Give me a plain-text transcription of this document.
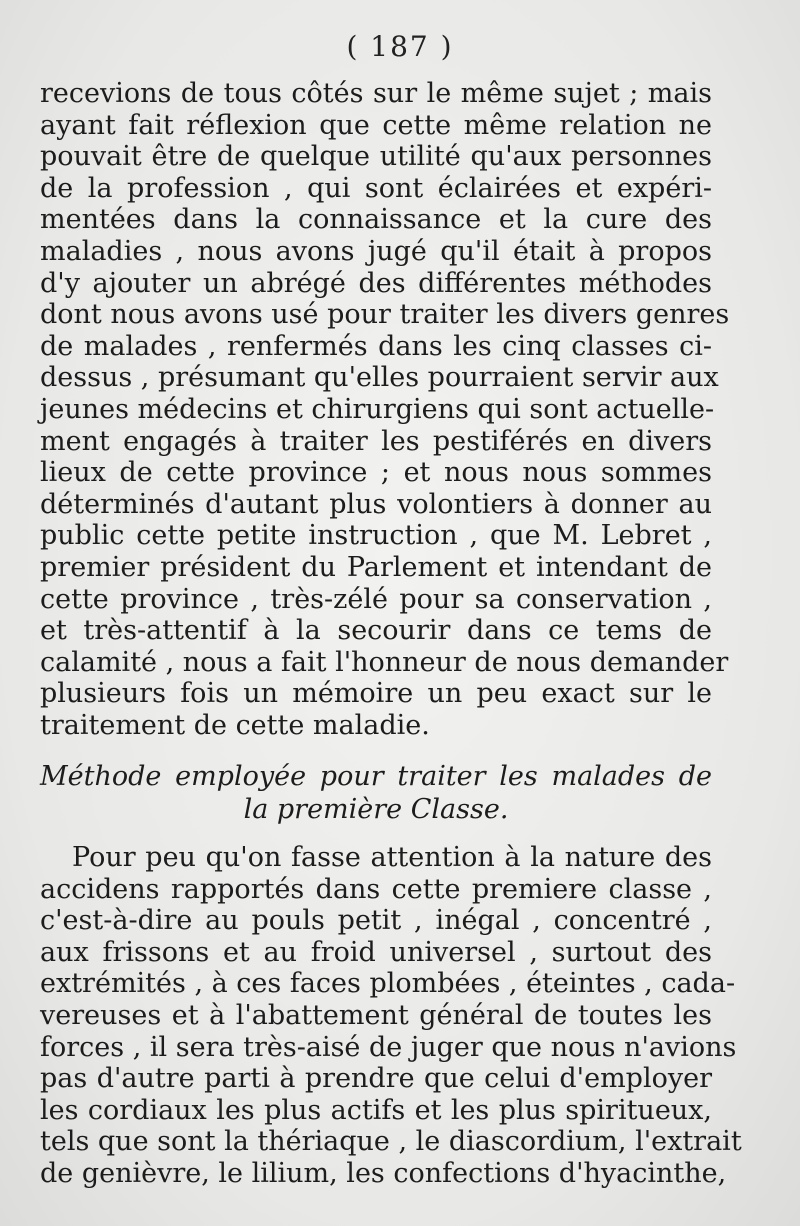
( 187 )
recevions de tous côtés sur le même sujet ; mais
ayant fait réflexion que cette même relation ne
pouvait être de quelque utilité qu'aux personnes
de la profession , qui sont éclairées et expéri-
mentées dans la connaissance et la cure des
maladies , nous avons jugé qu'il était à propos
d'y ajouter un abrégé des différentes méthodes
dont nous avons usé pour traiter les divers genres
de malades , renfermés dans les cinq classes ci-
dessus , présumant qu'elles pourraient servir aux
jeunes médecins et chirurgiens qui sont actuelle-
ment engagés à traiter les pestiférés en divers
lieux de cette province ; et nous nous sommes
déterminés d'autant plus volontiers à donner au
public cette petite instruction , que M. Lebret ,
premier président du Parlement et intendant de
cette province , très-zélé pour sa conservation ,
et très-attentif à la secourir dans ce tems de
calamité , nous a fait l'honneur de nous demander
plusieurs fois un mémoire un peu exact sur le
traitement de cette maladie.
Méthode employée pour traiter les malades de
la première Classe.
Pour peu qu'on fasse attention à la nature des
accidens rapportés dans cette premiere classe ,
c'est-à-dire au pouls petit , inégal , concentré ,
aux frissons et au froid universel , surtout des
extrémités , à ces faces plombées , éteintes , cada-
vereuses et à l'abattement général de toutes les
forces , il sera très-aisé de juger que nous n'avions
pas d'autre parti à prendre que celui d'employer
les cordiaux les plus actifs et les plus spiritueux,
tels que sont la thériaque , le diascordium, l'extrait
de genièvre, le lilium, les confections d'hyacinthe,
